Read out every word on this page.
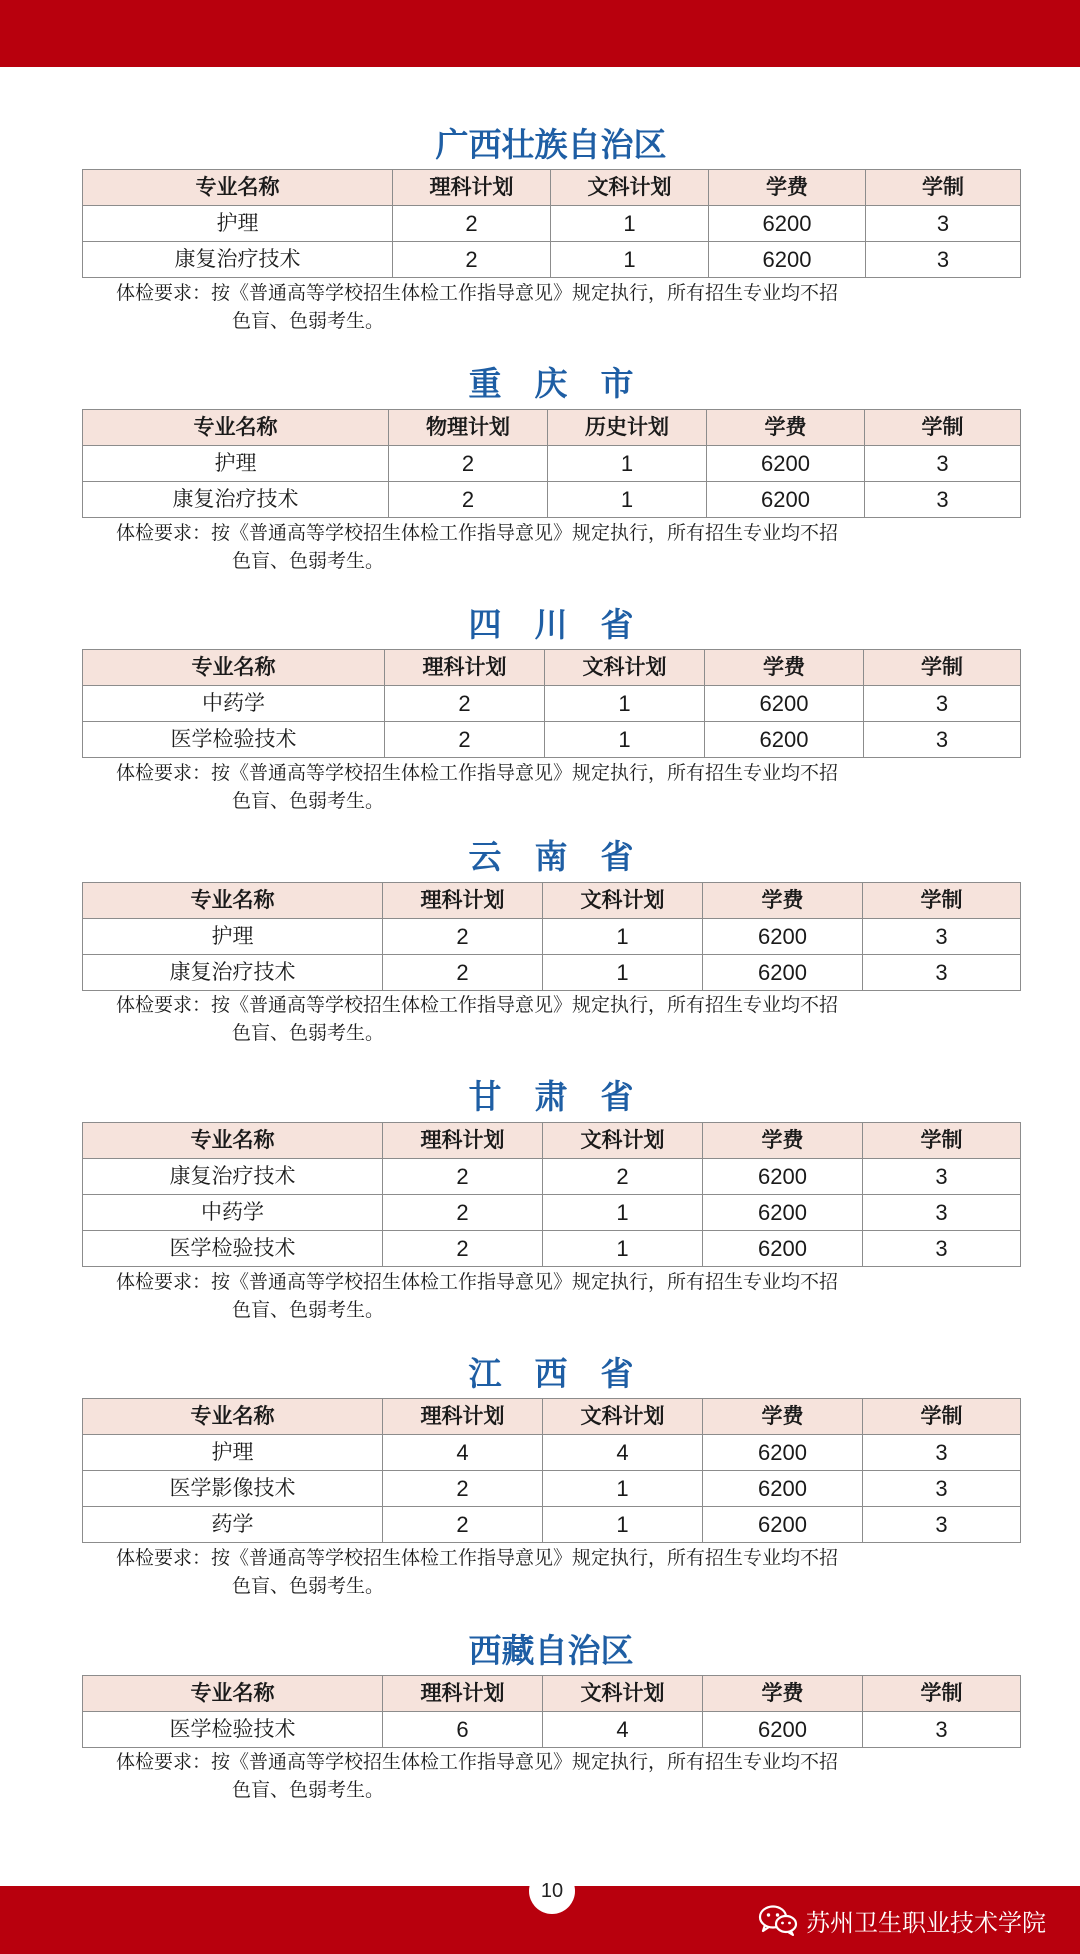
广西壮族自治区
专业名称	理科计划	文科计划	学费	学制
护理	2	1	6200	3
康复治疗技术	2	1	6200	3
体检要求：按《普通高等学校招生体检工作指导意见》规定执行，所有招生专业均不招
色盲、色弱考生。
重　庆　市
专业名称	物理计划	历史计划	学费	学制
护理	2	1	6200	3
康复治疗技术	2	1	6200	3
体检要求：按《普通高等学校招生体检工作指导意见》规定执行，所有招生专业均不招
色盲、色弱考生。
四　川　省
专业名称	理科计划	文科计划	学费	学制
中药学	2	1	6200	3
医学检验技术	2	1	6200	3
体检要求：按《普通高等学校招生体检工作指导意见》规定执行，所有招生专业均不招
色盲、色弱考生。
云　南　省
专业名称	理科计划	文科计划	学费	学制
护理	2	1	6200	3
康复治疗技术	2	1	6200	3
体检要求：按《普通高等学校招生体检工作指导意见》规定执行，所有招生专业均不招
色盲、色弱考生。
甘　肃　省
专业名称	理科计划	文科计划	学费	学制
康复治疗技术	2	2	6200	3
中药学	2	1	6200	3
医学检验技术	2	1	6200	3
体检要求：按《普通高等学校招生体检工作指导意见》规定执行，所有招生专业均不招
色盲、色弱考生。
江　西　省
专业名称	理科计划	文科计划	学费	学制
护理	4	4	6200	3
医学影像技术	2	1	6200	3
药学	2	1	6200	3
体检要求：按《普通高等学校招生体检工作指导意见》规定执行，所有招生专业均不招
色盲、色弱考生。
西藏自治区
专业名称	理科计划	文科计划	学费	学制
医学检验技术	6	4	6200	3
体检要求：按《普通高等学校招生体检工作指导意见》规定执行，所有招生专业均不招
色盲、色弱考生。
10
苏州卫生职业技术学院
